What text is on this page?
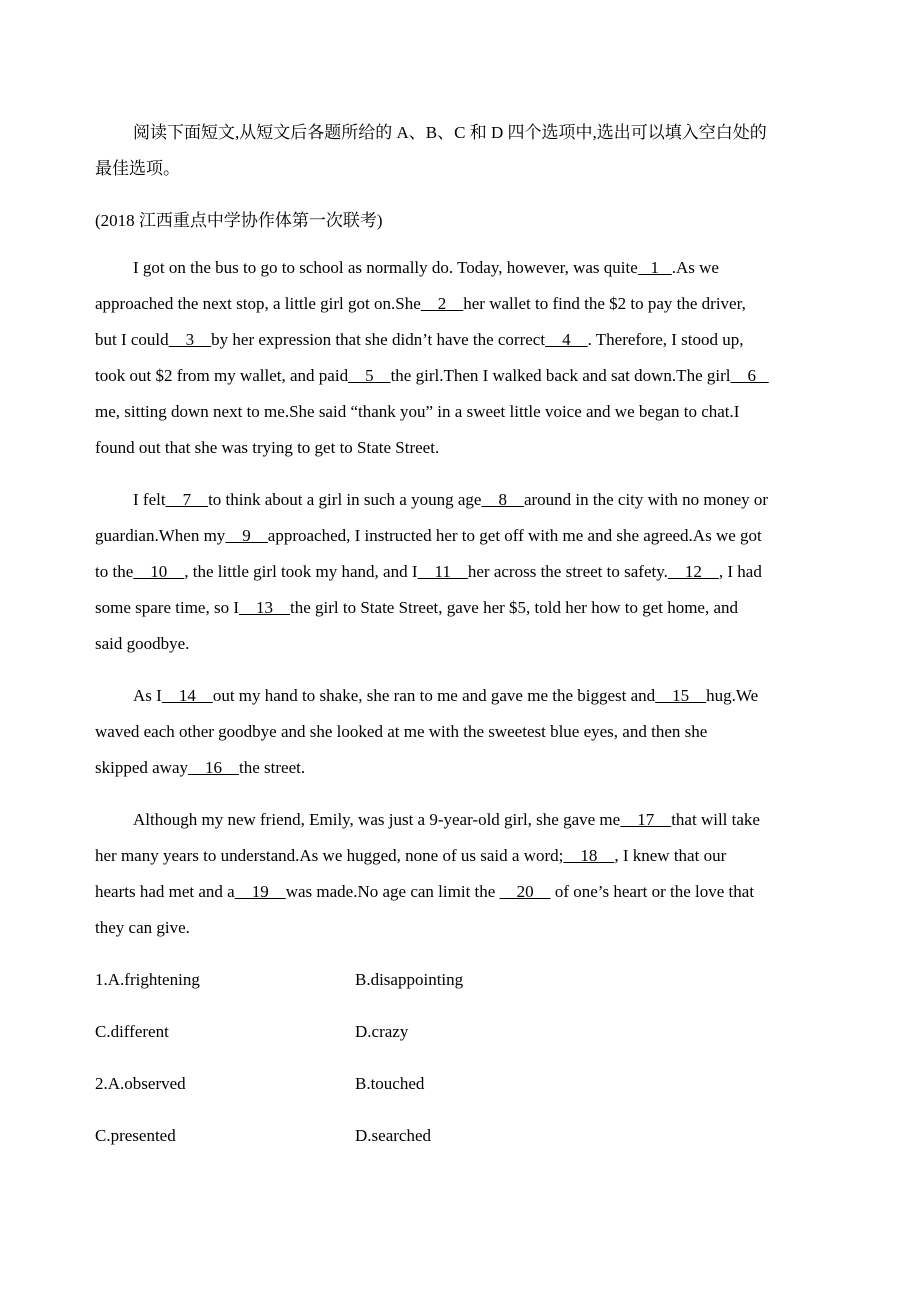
阅读下面短文,从短文后各题所给的 A、B、C 和 D 四个选项中,选出可以填入空白处的
最佳选项。
(2018 江西重点中学协作体第一次联考)
I got on the bus to go to school as normally do. Today, however, was quite   1   .As we
approached the next stop, a little girl got on.She    2    her wallet to find the $2 to pay the driver,
but I could    3    by her expression that she didn’t have the correct    4    . Therefore, I stood up,
took out $2 from my wallet, and paid    5    the girl.Then I walked back and sat down.The girl    6
me, sitting down next to me.She said “thank you” in a sweet little voice and we began to chat.I
found out that she was trying to get to State Street.
I felt    7    to think about a girl in such a young age    8    around in the city with no money or
guardian.When my    9    approached, I instructed her to get off with me and she agreed.As we got
to the    10    , the little girl took my hand, and I    11    her across the street to safety.    12    , I had
some spare time, so I    13    the girl to State Street, gave her $5, told her how to get home, and
said goodbye.
As I    14    out my hand to shake, she ran to me and gave me the biggest and    15    hug.We
waved each other goodbye and she looked at me with the sweetest blue eyes, and then she
skipped away    16    the street.
Although my new friend, Emily, was just a 9-year-old girl, she gave me    17    that will take
her many years to understand.As we hugged, none of us said a word;    18    , I knew that our
hearts had met and a    19    was made.No age can limit the     20     of one’s heart or the love that
they can give.
1.A.frightening	B.disappointing
C.different	D.crazy
2.A.observed	B.touched
C.presented	D.searched
